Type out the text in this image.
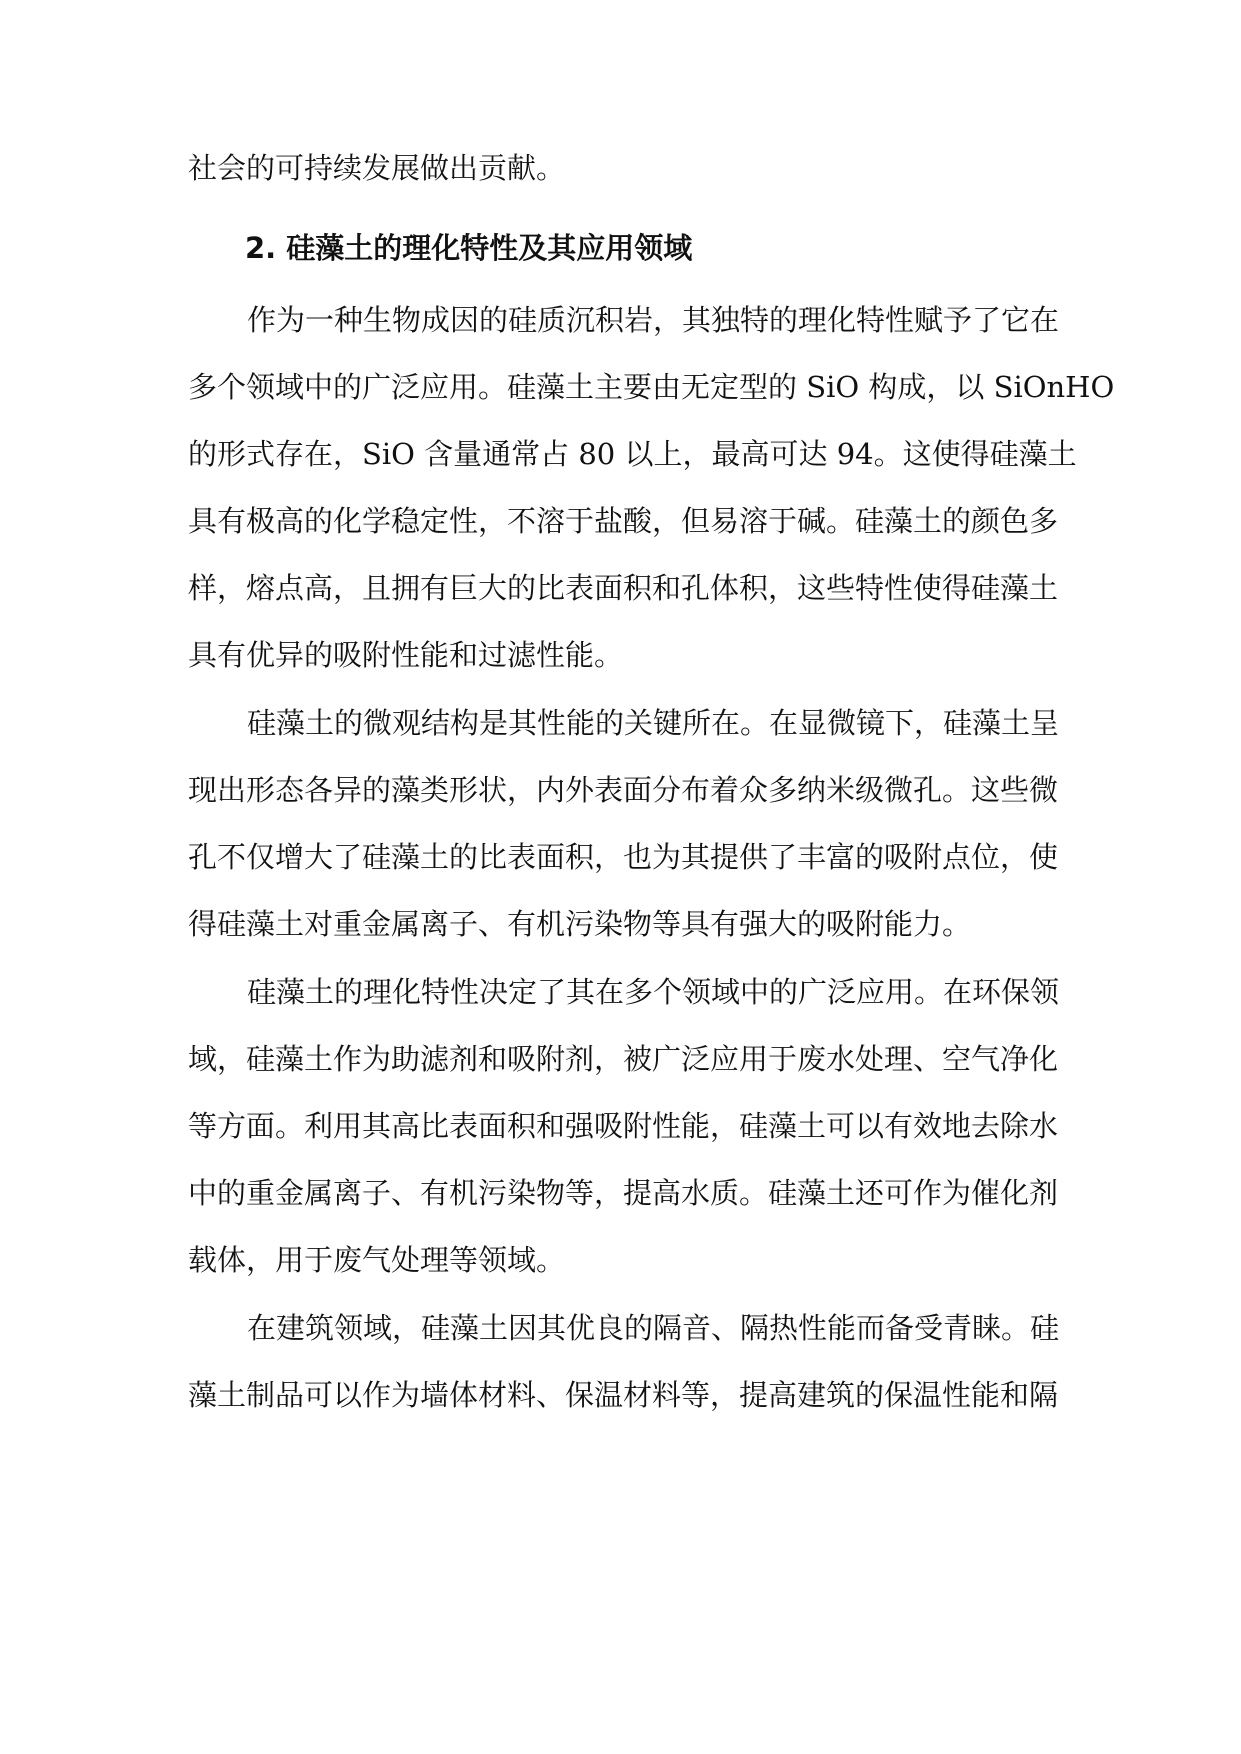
社会的可持续发展做出贡献。
2. 硅藻土的理化特性及其应用领域
作为一种生物成因的硅质沉积岩，其独特的理化特性赋予了它在
多个领域中的广泛应用。硅藻土主要由无定型的 SiO 构成，以 SiOnHO
的形式存在，SiO 含量通常占 80 以上，最高可达 94。这使得硅藻土
具有极高的化学稳定性，不溶于盐酸，但易溶于碱。硅藻土的颜色多
样，熔点高，且拥有巨大的比表面积和孔体积，这些特性使得硅藻土
具有优异的吸附性能和过滤性能。
硅藻土的微观结构是其性能的关键所在。在显微镜下，硅藻土呈
现出形态各异的藻类形状，内外表面分布着众多纳米级微孔。这些微
孔不仅增大了硅藻土的比表面积，也为其提供了丰富的吸附点位，使
得硅藻土对重金属离子、有机污染物等具有强大的吸附能力。
硅藻土的理化特性决定了其在多个领域中的广泛应用。在环保领
域，硅藻土作为助滤剂和吸附剂，被广泛应用于废水处理、空气净化
等方面。利用其高比表面积和强吸附性能，硅藻土可以有效地去除水
中的重金属离子、有机污染物等，提高水质。硅藻土还可作为催化剂
载体，用于废气处理等领域。
在建筑领域，硅藻土因其优良的隔音、隔热性能而备受青睐。硅
藻土制品可以作为墙体材料、保温材料等，提高建筑的保温性能和隔
